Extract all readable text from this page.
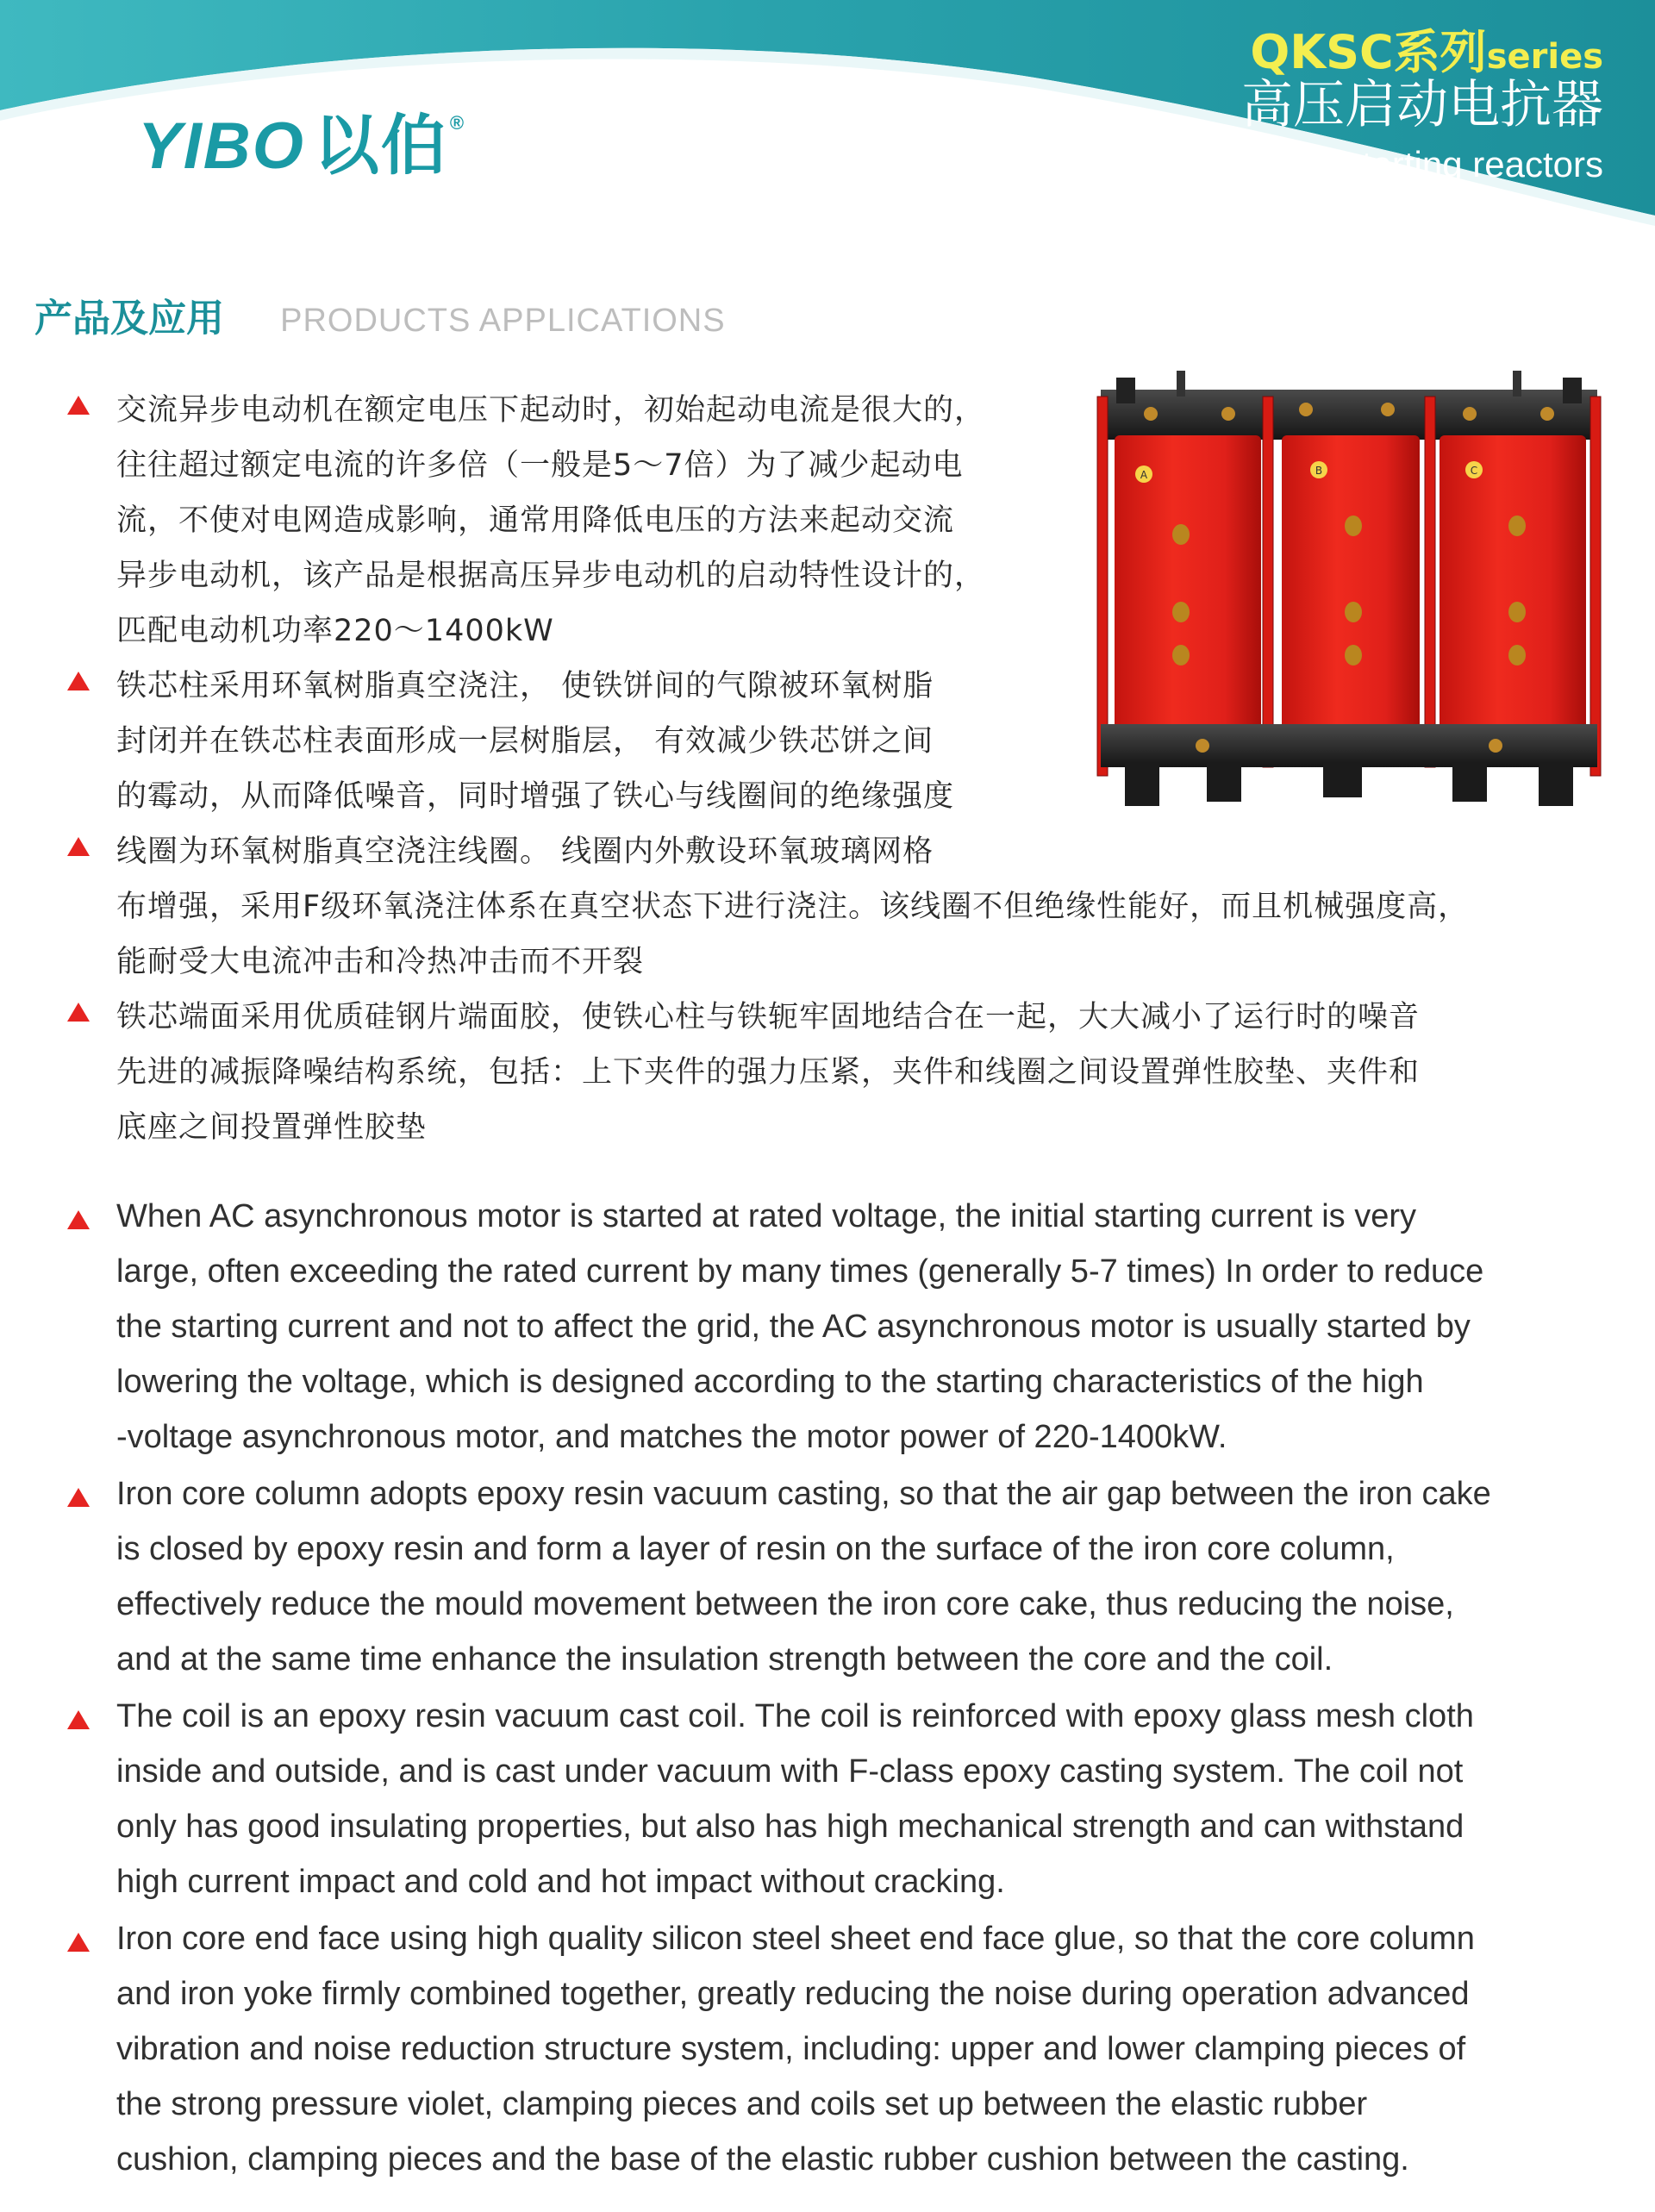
YIBO 以伯®
QKSC系列series
高压启动电抗器
High voltage starting reactors
产品及应用 PRODUCTS APPLICATIONS
A	B	C
交流异步电动机在额定电压下起动时，初始起动电流是很大的，
往往超过额定电流的许多倍（一般是5～7倍）为了减少起动电
流，不使对电网造成影响，通常用降低电压的方法来起动交流
异步电动机，该产品是根据高压异步电动机的启动特性设计的，
匹配电动机功率220～1400kW
铁芯柱采用环氧树脂真空浇注， 使铁饼间的气隙被环氧树脂
封闭并在铁芯柱表面形成一层树脂层， 有效减少铁芯饼之间
的霉动，从而降低噪音，同时增强了铁心与线圈间的绝缘强度
线圈为环氧树脂真空浇注线圈。 线圈内外敷设环氧玻璃网格
布增强，采用F级环氧浇注体系在真空状态下进行浇注。该线圈不但绝缘性能好，而且机械强度高，
能耐受大电流冲击和冷热冲击而不开裂
铁芯端面采用优质硅钢片端面胶，使铁心柱与铁轭牢固地结合在一起，大大减小了运行时的噪音
先进的减振降噪结构系统，包括：上下夹件的强力压紧，夹件和线圈之间设置弹性胶垫、夹件和
底座之间投置弹性胶垫
When AC asynchronous motor is started at rated voltage, the initial starting current is very
large, often exceeding the rated current by many times (generally 5-7 times) In order to reduce
the starting current and not to affect the grid, the AC asynchronous motor is usually started by
lowering the voltage, which is designed according to the starting characteristics of the high
-voltage asynchronous motor, and matches the motor power of 220-1400kW.
Iron core column adopts epoxy resin vacuum casting, so that the air gap between the iron cake
is closed by epoxy resin and form a layer of resin on the surface of the iron core column,
effectively reduce the mould movement between the iron core cake, thus reducing the noise,
and at the same time enhance the insulation strength between the core and the coil.
The coil is an epoxy resin vacuum cast coil. The coil is reinforced with epoxy glass mesh cloth
inside and outside, and is cast under vacuum with F-class epoxy casting system. The coil not
only has good insulating properties, but also has high mechanical strength and can withstand
high current impact and cold and hot impact without cracking.
Iron core end face using high quality silicon steel sheet end face glue, so that the core column
and iron yoke firmly combined together, greatly reducing the noise during operation advanced
vibration and noise reduction structure system, including: upper and lower clamping pieces of
the strong pressure violet, clamping pieces and coils set up between the elastic rubber
cushion, clamping pieces and the base of the elastic rubber cushion between the casting.
